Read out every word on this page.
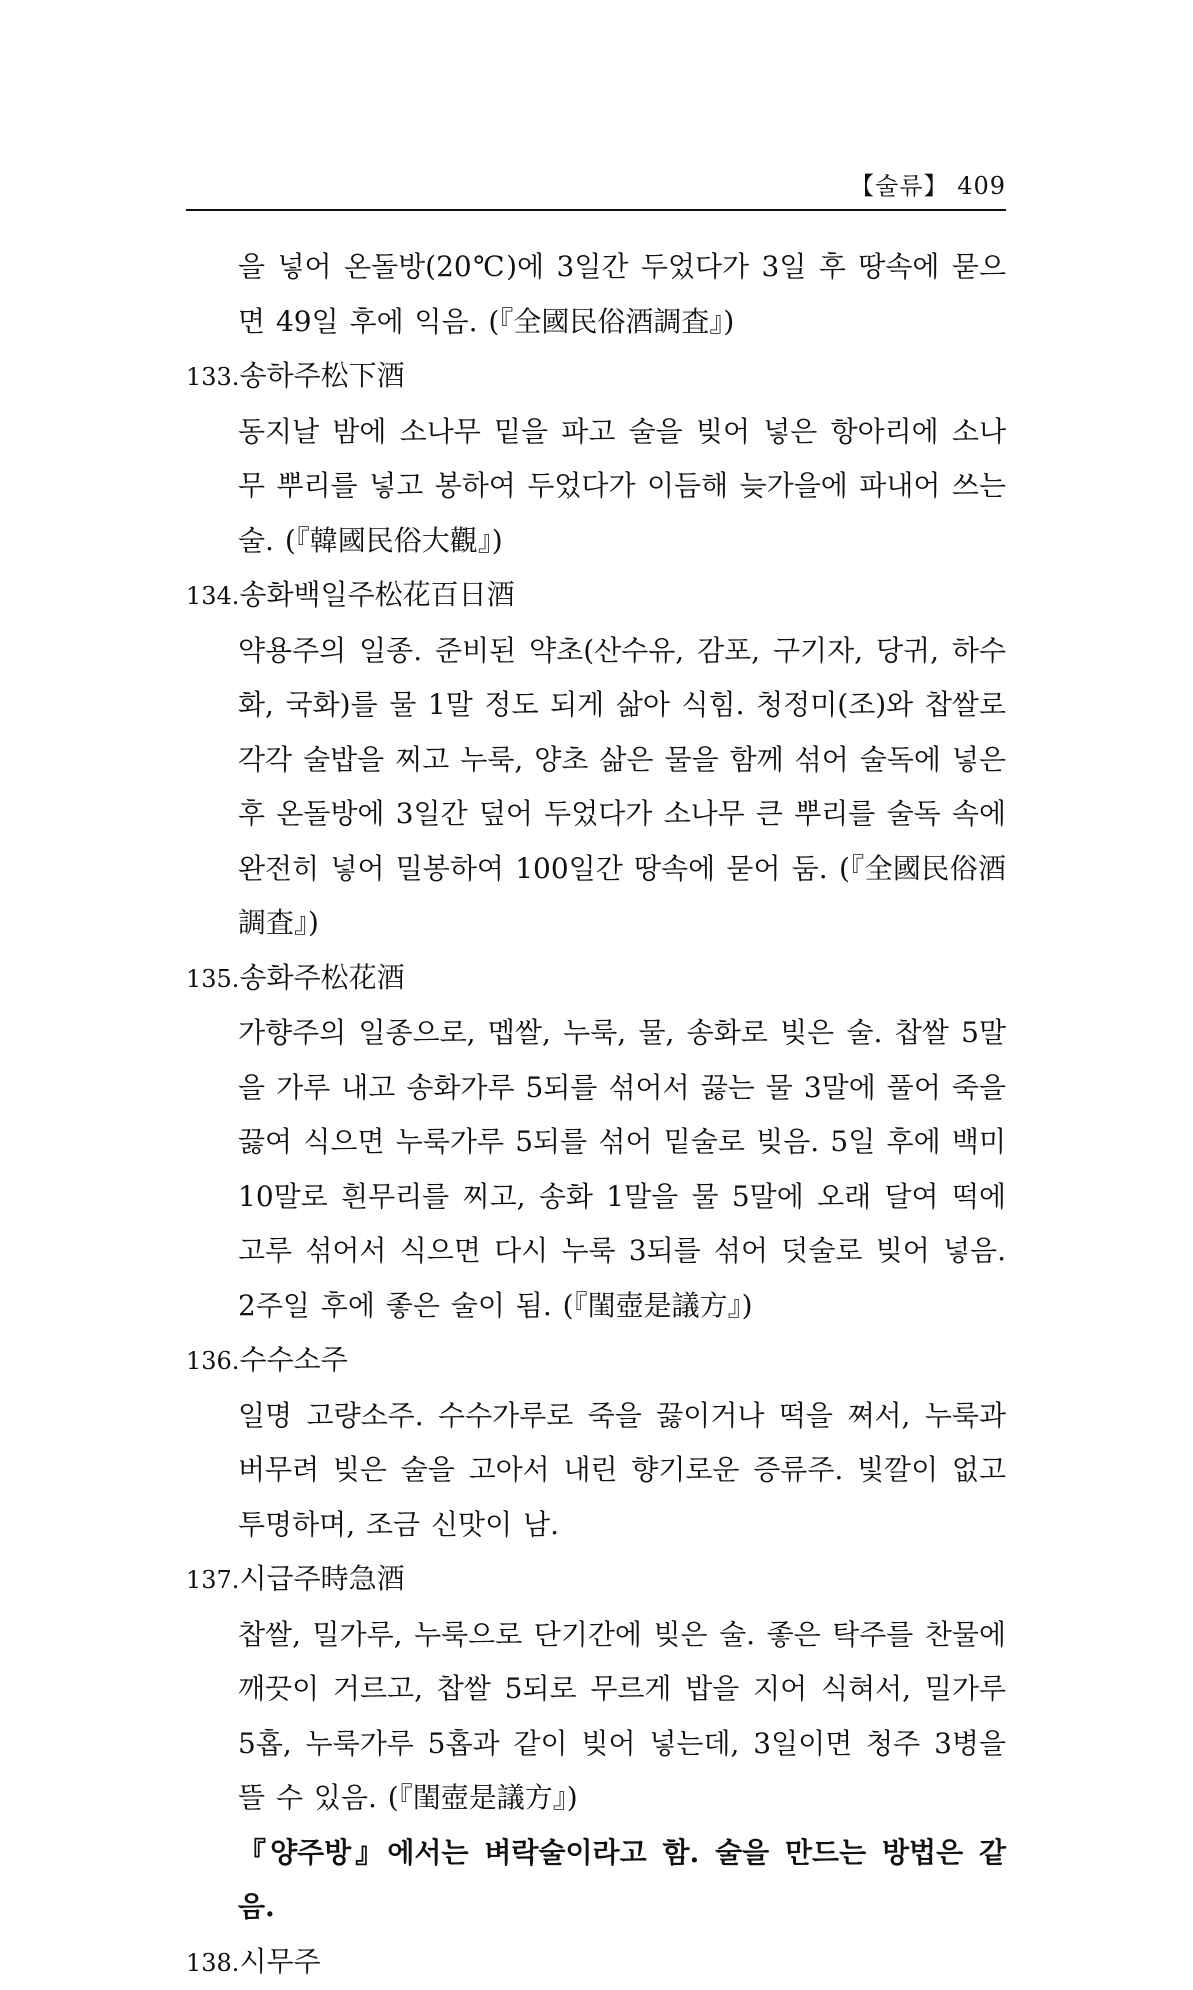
【술류】 409
을 넣어 온돌방(20℃)에 3일간 두었다가 3일 후 땅속에 묻으면 49일 후에 익음. (『全國民俗酒調査』)
133.송하주松下酒
동지날 밤에 소나무 밑을 파고 술을 빚어 넣은 항아리에 소나무 뿌리를 넣고 봉하여 두었다가 이듬해 늦가을에 파내어 쓰는 술. (『韓國民俗大觀』)
134.송화백일주松花百日酒
약용주의 일종. 준비된 약초(산수유, 감포, 구기자, 당귀, 하수화, 국화)를 물 1말 정도 되게 삶아 식힘. 청정미(조)와 찹쌀로 각각 술밥을 찌고 누룩, 양초 삶은 물을 함께 섞어 술독에 넣은 후 온돌방에 3일간 덮어 두었다가 소나무 큰 뿌리를 술독 속에 완전히 넣어 밀봉하여 100일간 땅속에 묻어 둠. (『全國民俗酒調査』)
135.송화주松花酒
가향주의 일종으로, 멥쌀, 누룩, 물, 송화로 빚은 술. 찹쌀 5말을 가루 내고 송화가루 5되를 섞어서 끓는 물 3말에 풀어 죽을 끓여 식으면 누룩가루 5되를 섞어 밑술로 빚음. 5일 후에 백미 10말로 흰무리를 찌고, 송화 1말을 물 5말에 오래 달여 떡에 고루 섞어서 식으면 다시 누룩 3되를 섞어 덧술로 빚어 넣음. 2주일 후에 좋은 술이 됨. (『閨壺是議方』)
136.수수소주
일명 고량소주. 수수가루로 죽을 끓이거나 떡을 쪄서, 누룩과 버무려 빚은 술을 고아서 내린 향기로운 증류주. 빛깔이 없고 투명하며, 조금 신맛이 남.
137.시급주時急酒
찹쌀, 밀가루, 누룩으로 단기간에 빚은 술. 좋은 탁주를 찬물에 깨끗이 거르고, 찹쌀 5되로 무르게 밥을 지어 식혀서, 밀가루 5홉, 누룩가루 5홉과 같이 빚어 넣는데, 3일이면 청주 3병을 뜰 수 있음. (『閨壺是議方』)
『양주방』에서는 벼락술이라고 함. 술을 만드는 방법은 같음.
138.시무주
